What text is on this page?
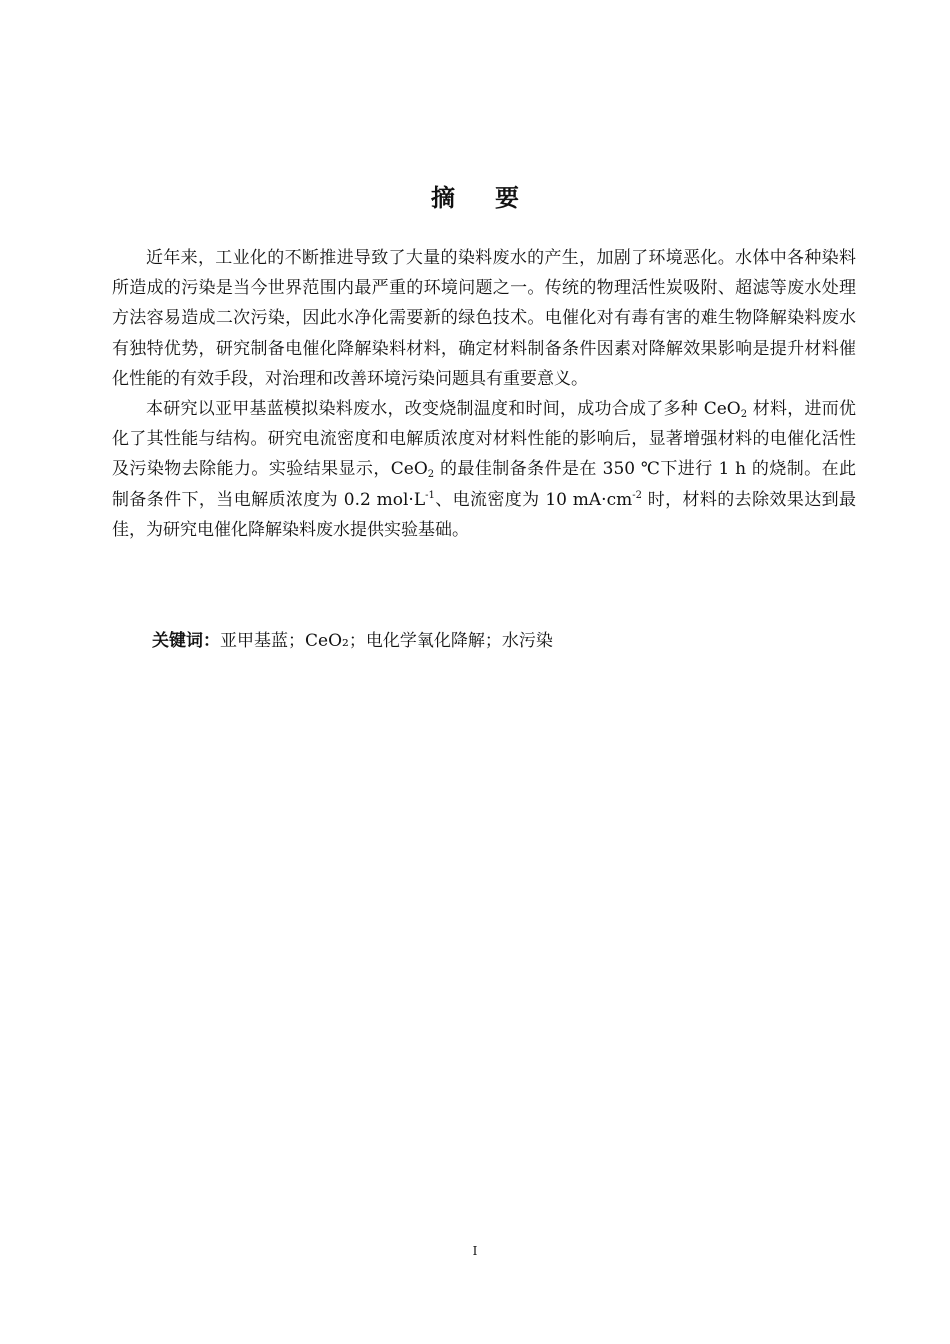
摘 要

近年来，工业化的不断推进导致了大量的染料废水的产生，加剧了环境恶化。水体中各种染料所造成的污染是当今世界范围内最严重的环境问题之一。传统的物理活性炭吸附、超滤等废水处理方法容易造成二次污染，因此水净化需要新的绿色技术。电催化对有毒有害的难生物降解染料废水有独特优势，研究制备电催化降解染料材料，确定材料制备条件因素对降解效果影响是提升材料催化性能的有效手段，对治理和改善环境污染问题具有重要意义。

本研究以亚甲基蓝模拟染料废水，改变烧制温度和时间，成功合成了多种 CeO$_2$ 材料，进而优化了其性能与结构。研究电流密度和电解质浓度对材料性能的影响后，显著增强材料的电催化活性及污染物去除能力。实验结果显示，CeO$_2$ 的最佳制备条件是在 350 ℃下进行 1 h 的烧制。在此制备条件下，当电解质浓度为 0.2 $mol\cdot L^{-1}$、电流密度为 10 $mA\cdot cm^{-2}$ 时，材料的去除效果达到最佳，为研究电催化降解染料废水提供实验基础。

关键词：亚甲基蓝；CeO₂；电化学氧化降解；水污染
I
